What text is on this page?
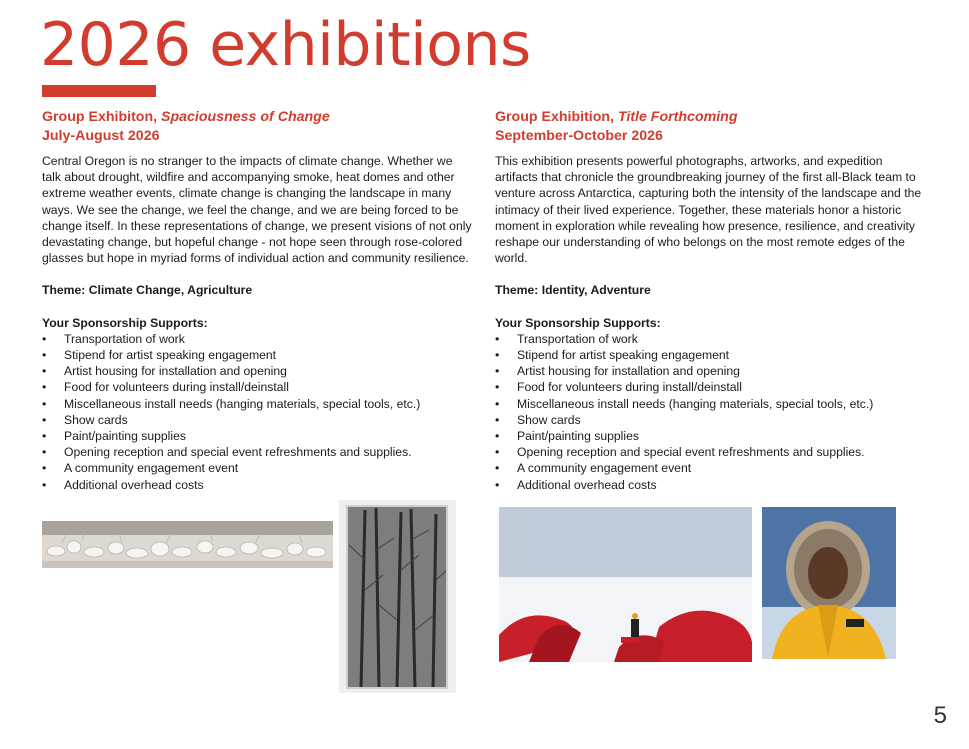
2026 exhibitions
Group Exhibiton, Spaciousness of Change
July-August 2026
Central Oregon is no stranger to the impacts of climate change. Whether we talk about drought, wildfire and accompanying smoke, heat domes and other extreme weather events, climate change is changing the landscape in many ways. We see the change, we feel the change, and we are being forced to be change itself. In these representations of change, we present visions of not only devastating change, but hopeful change - not hope seen through rose-colored glasses but hope in myriad forms of individual action and community resilience.
Theme: Climate Change, Agriculture
Your Sponsorship Supports:
• Transportation of work
• Stipend for artist speaking engagement
• Artist housing for installation and opening
• Food for volunteers during install/deinstall
• Miscellaneous install needs (hanging materials, special tools, etc.)
• Show cards
• Paint/painting supplies
• Opening reception and special event refreshments and supplies.
• A community engagement event
• Additional overhead costs
Group Exhibition, Title Forthcoming
September-October 2026
This exhibition presents powerful photographs, artworks, and expedition artifacts that chronicle the groundbreaking journey of the first all-Black team to venture across Antarctica, capturing both the intensity of the landscape and the intimacy of their lived experience. Together, these materials honor a historic moment in exploration while revealing how presence, resilience, and creativity reshape our understanding of who belongs on the most remote edges of the world.
Theme: Identity, Adventure
Your Sponsorship Supports:
• Transportation of work
• Stipend for artist speaking engagement
• Artist housing for installation and opening
• Food for volunteers during install/deinstall
• Miscellaneous install needs (hanging materials, special tools, etc.)
• Show cards
• Paint/painting supplies
• Opening reception and special event refreshments and supplies.
• A community engagement event
• Additional overhead costs
5
